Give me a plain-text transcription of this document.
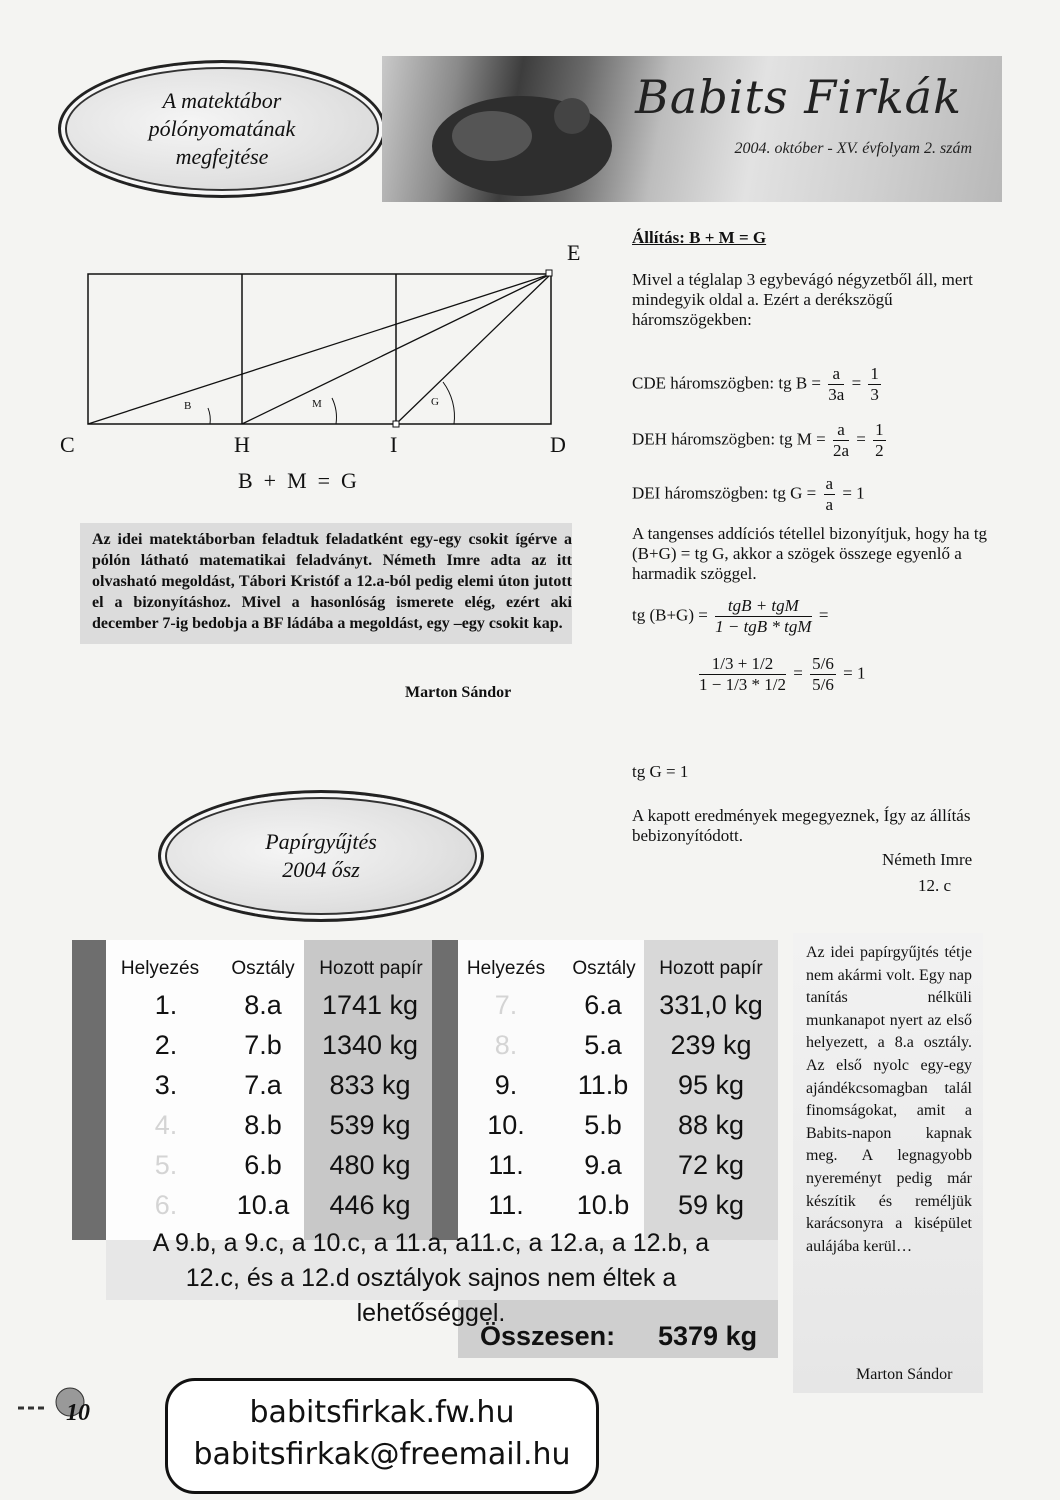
A matektábor
pólónyomatának
megfejtése
Babits Firkák
2004. október - XV. évfolyam 2. szám
E
C	H	I	D
B	M	G
B  +  M  =  G

Az idei matektáborban feladtuk feladatként egy-egy csokit ígérve a pólón látható matematikai feladványt. Németh Imre adta az itt olvasható megoldást, Tábori Kristóf a 12.a-ból pedig elemi úton jutott el a bizonyításhoz. Mivel a hasonlóság ismerete elég, ezért aki december 7-ig bedobja a BF ládába a megoldást, egy –egy csokit kap.

Marton Sándor
Állítás: B + M = G
Mivel a téglalap 3 egybevágó négyzetből áll, mert mindegyik oldal a. Ezért a derékszögű háromszögekben:
CDE háromszögben: tg $B = \frac{a}{3a} = \frac{1}{3}$
DEH háromszögben: tg $M = \frac{a}{2a} = \frac{1}{2}$
DEI háromszögben: tg $G = \frac{a}{a} = 1$
A tangenses addíciós tétellel bizonyítjuk, hogy ha tg (B+G) = tg G, akkor a szögek összege egyenlő a harmadik szöggel.
tg $(B+G) = \frac{\text{tgB + tgM}}{\text{1 − tgB * tgM}}$ =
$\frac{1/3 + 1/2}{1 - 1/3 * 1/2} = \frac{5/6}{5/6} = 1$
tg G = 1
A kapott eredmények megegyeznek, Így az állítás bebizonyítódott.
Németh Imre
12. c
Papírgyűjtés
2004 ősz
Helyezés	Osztály	Hozott papír	Helyezés	Osztály	Hozott papír
1.	8.a	1741 kg
2.	7.b	1340 kg
3.	7.a	833 kg
4.	8.b	539 kg
5.	6.b	480 kg
6.	10.a	446 kg
7.	6.a	331,0 kg
8.	5.a	239 kg
9.	11.b	95 kg
10.	5.b	88 kg
11.	9.a	72 kg
11.	10.b	59 kg
A 9.b, a 9.c, a 10.c, a 11.a, a11.c, a 12.a, a 12.b, a
12.c, és a 12.d osztályok sajnos nem éltek a
lehetőséggel.
Összesen: 5379 kg
Az idei papírgyűjtés tétje nem akármi volt. Egy nap tanítás nélküli munkanapot nyert az első helyezett, a 8.a osztály. Az első nyolc egy-egy ajándékcsomagban talál finomságokat, amit a Babits-napon kapnak meg. A legnagyobb nyereményt pedig már készítik és reméljük karácsonyra a kisépület aulájába kerül…
Marton Sándor
10	babitsfirkak.fw.hu
babitsfirkak@freemail.hu
